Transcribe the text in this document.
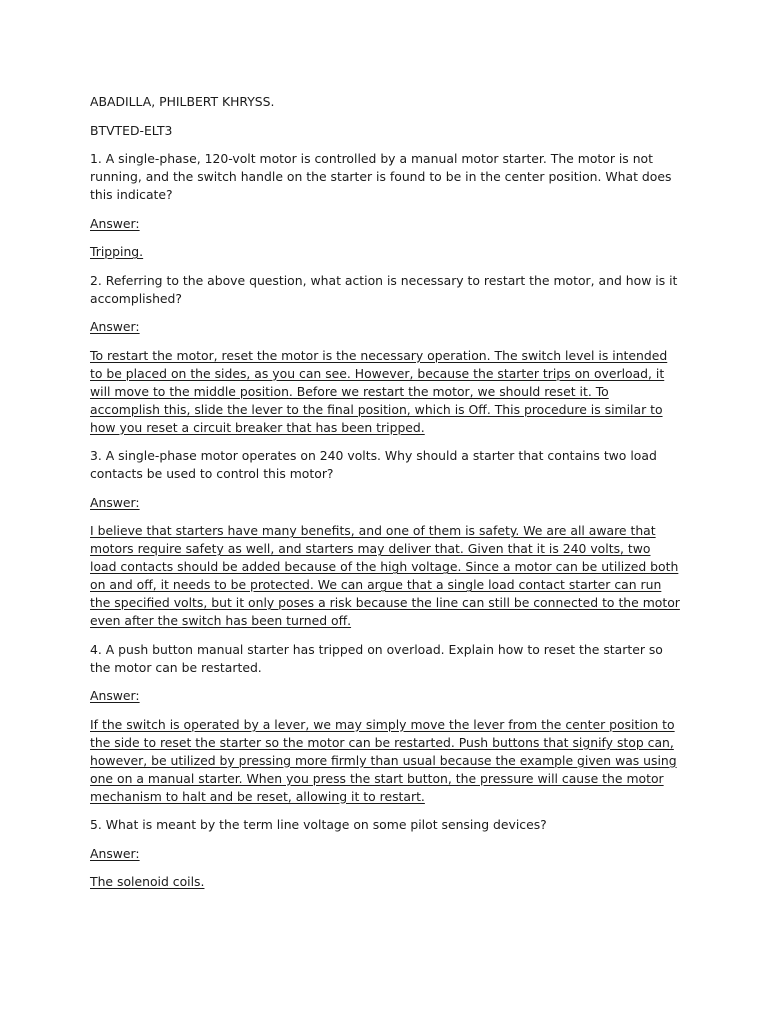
ABADILLA, PHILBERT KHRYSS.
BTVTED-ELT3
1. A single-phase, 120-volt motor is controlled by a manual motor starter. The motor is not running, and the switch handle on the starter is found to be in the center position. What does this indicate?
Answer:
Tripping.
2. Referring to the above question, what action is necessary to restart the motor, and how is it accomplished?
Answer:
To restart the motor, reset the motor is the necessary operation. The switch level is intended to be placed on the sides, as you can see. However, because the starter trips on overload, it will move to the middle position. Before we restart the motor, we should reset it. To accomplish this, slide the lever to the final position, which is Off. This procedure is similar to how you reset a circuit breaker that has been tripped.
3. A single-phase motor operates on 240 volts. Why should a starter that contains two load contacts be used to control this motor?
Answer:
I believe that starters have many benefits, and one of them is safety. We are all aware that motors require safety as well, and starters may deliver that. Given that it is 240 volts, two load contacts should be added because of the high voltage. Since a motor can be utilized both on and off, it needs to be protected. We can argue that a single load contact starter can run the specified volts, but it only poses a risk because the line can still be connected to the motor even after the switch has been turned off.
4. A push button manual starter has tripped on overload. Explain how to reset the starter so the motor can be restarted.
Answer:
If the switch is operated by a lever, we may simply move the lever from the center position to the side to reset the starter so the motor can be restarted. Push buttons that signify stop can, however, be utilized by pressing more firmly than usual because the example given was using one on a manual starter. When you press the start button, the pressure will cause the motor mechanism to halt and be reset, allowing it to restart.
5. What is meant by the term line voltage on some pilot sensing devices?
Answer:
The solenoid coils.
